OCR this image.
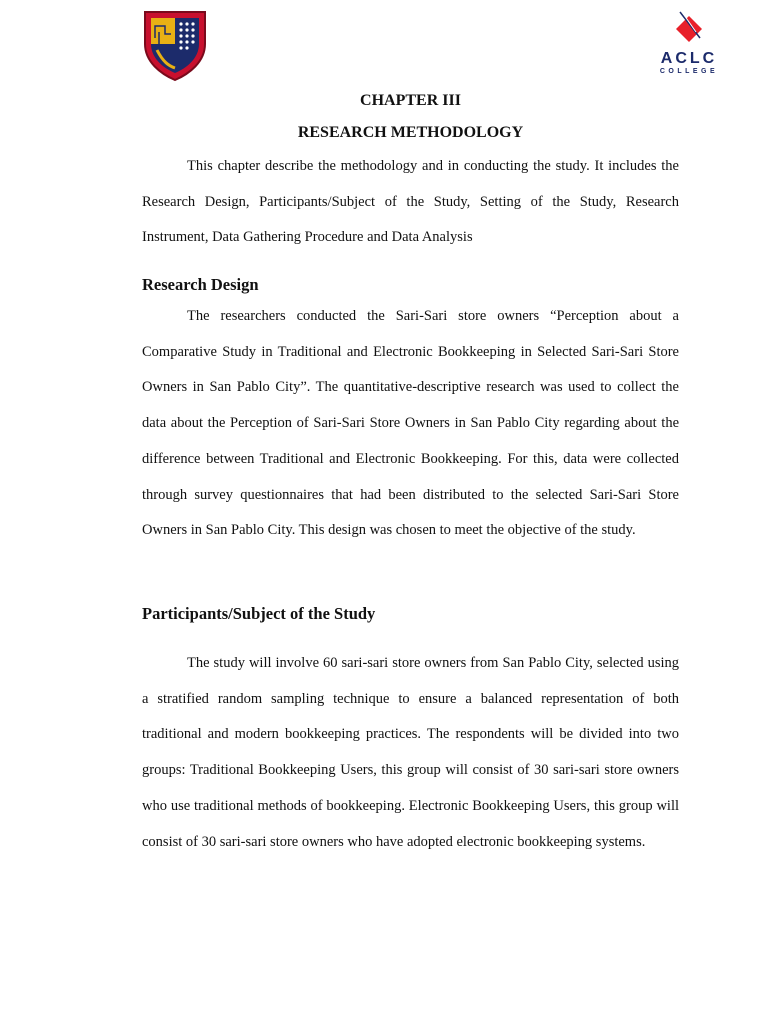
ACLC
COLLEGE
CHAPTER III
RESEARCH METHODOLOGY

This chapter describe the methodology and in conducting the study. It includes the Research Design, Participants/Subject of the Study, Setting of the Study, Research Instrument, Data Gathering Procedure and Data Analysis

Research Design

The researchers conducted the Sari-Sari store owners “Perception about a Comparative Study in Traditional and Electronic Bookkeeping in Selected Sari-Sari Store Owners in San Pablo City”. The quantitative-descriptive research was used to collect the data about the Perception of Sari-Sari Store Owners in San Pablo City regarding about the difference between Traditional and Electronic Bookkeeping. For this, data were collected through survey questionnaires that had been distributed to the selected Sari-Sari Store Owners in San Pablo City. This design was chosen to meet the objective of the study.

Participants/Subject of the Study

The study will involve 60 sari-sari store owners from San Pablo City, selected using a stratified random sampling technique to ensure a balanced representation of both traditional and modern bookkeeping practices. The respondents will be divided into two groups: Traditional Bookkeeping Users, this group will consist of 30 sari-sari store owners who use traditional methods of bookkeeping. Electronic Bookkeeping Users, this group will consist of 30 sari-sari store owners who have adopted electronic bookkeeping systems.
